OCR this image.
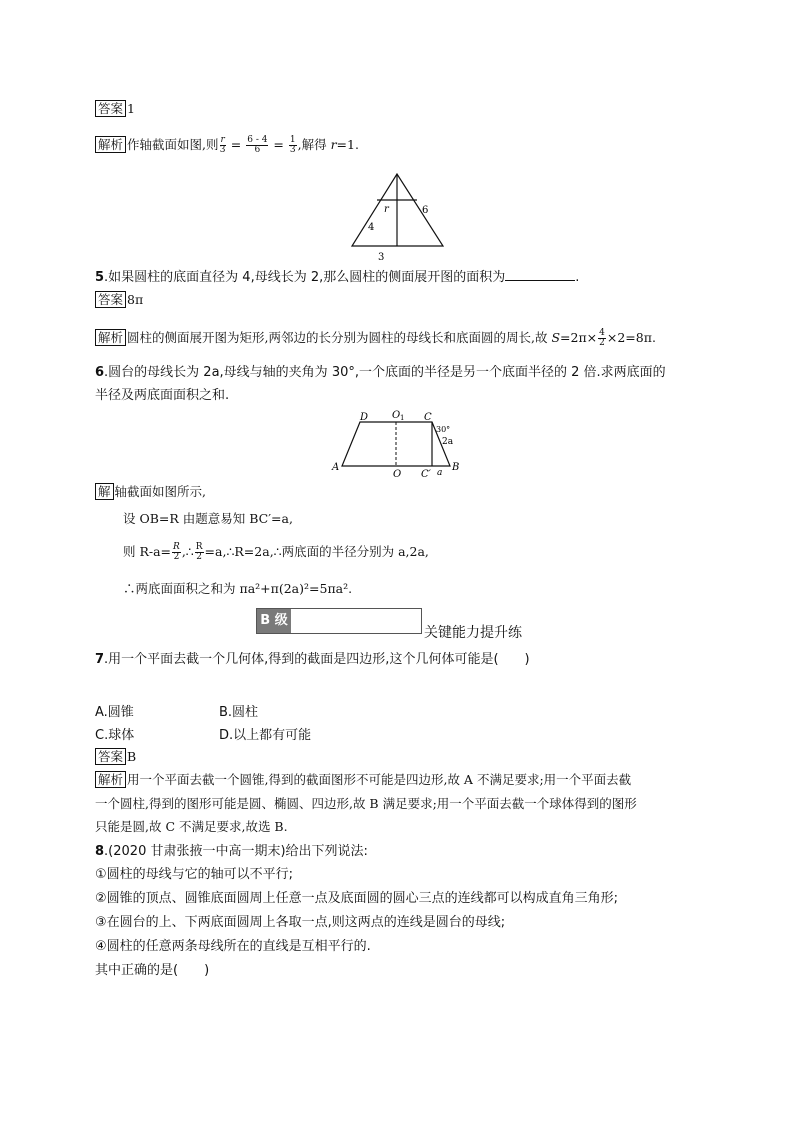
答案 1
解析 作轴截面如图,则 $\frac{r}{3} = \frac{6 - 4}{6} = \frac{1}{3}$ ,解得 r=1.
r	6
4
3
5.如果圆柱的底面直径为 4,母线长为 2,那么圆柱的侧面展开图的面积为	.
答案 8π
解析 圆柱的侧面展开图为矩形,两邻边的长分别为圆柱的母线长和底面圆的周长,故 $S=2\pi\times \frac{4}{2} \times 2=8\pi$.
6.圆台的母线长为 2a,母线与轴的夹角为 30°,一个底面的半径是另一个底面半径的 2 倍.求两底面的
半径及两底面面积之和.
D O 1 C
30°
2a
A
O C′ a B
解 轴截面如图所示,
设 OB=R 由题意易知 BC′=a,
则 $R-a= \frac{R}{2}$ ,∴ $\frac{R}{2}$ =a,∴R=2a,∴两底面的半径分别为 a,2a,
∴两底面面积之和为 πa²+π(2a)²=5πa².
B 级
关键能力提升练
7.用一个平面去截一个几何体,得到的截面是四边形,这个几何体可能是(　　)
A.圆锥	B.圆柱
C.球体	D.以上都有可能
答案 B
解析 用一个平面去截一个圆锥,得到的截面图形不可能是四边形,故 A 不满足要求;用一个平面去截
一个圆柱,得到的图形可能是圆、椭圆、四边形,故 B 满足要求;用一个平面去截一个球体得到的图形
只能是圆,故 C 不满足要求,故选 B.
8.(2020 甘肃张掖一中高一期末)给出下列说法:
①圆柱的母线与它的轴可以不平行;
②圆锥的顶点、圆锥底面圆周上任意一点及底面圆的圆心三点的连线都可以构成直角三角形;
③在圆台的上、下两底面圆周上各取一点,则这两点的连线是圆台的母线;
④圆柱的任意两条母线所在的直线是互相平行的.
其中正确的是(　　)
